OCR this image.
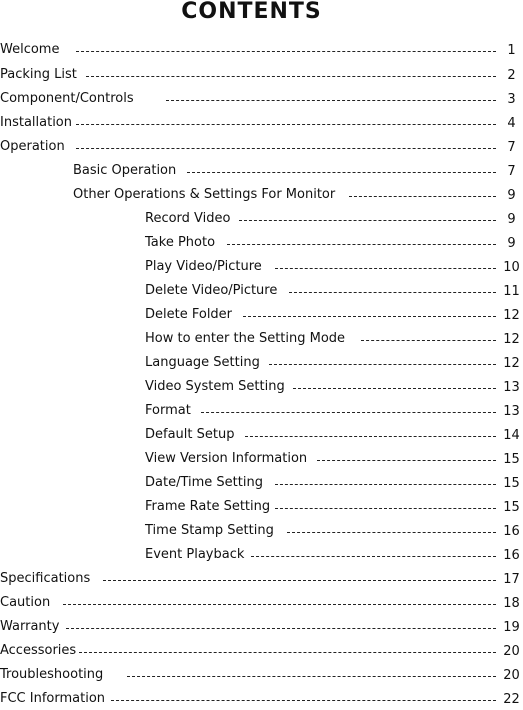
CONTENTS
Welcome	1
Packing List	2
Component/Controls	3
Installation	4
Operation	7
Basic Operation	7
Other Operations & Settings For Monitor	9
Record Video	9
Take Photo	9
Play Video/Picture	10
Delete Video/Picture	11
Delete Folder	12
How to enter the Setting Mode	12
Language Setting	12
Video System Setting	13
Format	13
Default Setup	14
View Version Information	15
Date/Time Setting	15
Frame Rate Setting	15
Time Stamp Setting	16
Event Playback	16
Specifications	17
Caution	18
Warranty	19
Accessories	20
Troubleshooting	20
FCC Information	22
